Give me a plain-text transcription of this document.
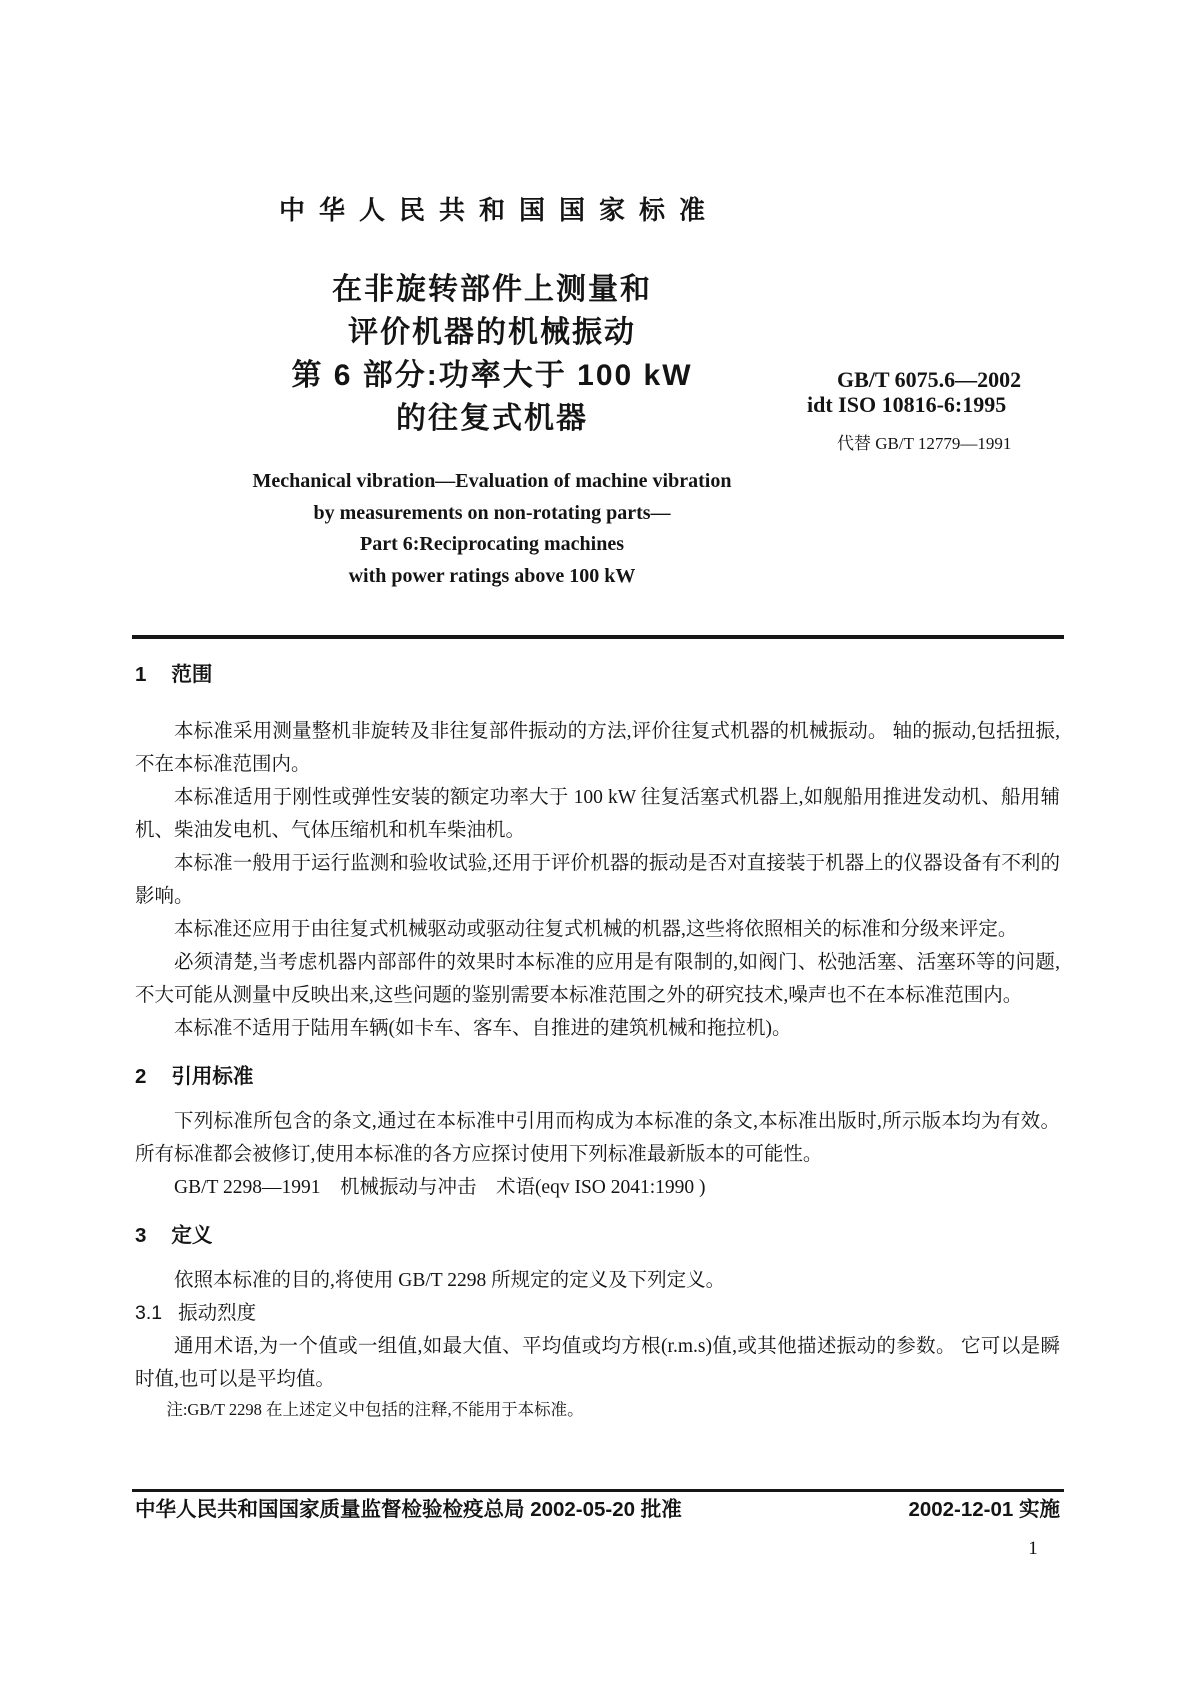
中华人民共和国国家标准
在非旋转部件上测量和
评价机器的机械振动
第 6 部分:功率大于 100 kW
的往复式机器
GB/T 6075.6—2002
idt ISO 10816-6:1995
代替 GB/T 12779—1991
Mechanical vibration—Evaluation of machine vibration
by measurements on non-rotating parts—
Part 6:Reciprocating machines
with power ratings above 100 kW
1 范围

本标准采用测量整机非旋转及非往复部件振动的方法,评价往复式机器的机械振动。 轴的振动,包括扭振,不在本标准范围内。

本标准适用于刚性或弹性安装的额定功率大于 100 kW 往复活塞式机器上,如舰船用推进发动机、船用辅机、柴油发电机、气体压缩机和机车柴油机。

本标准一般用于运行监测和验收试验,还用于评价机器的振动是否对直接装于机器上的仪器设备有不利的影响。

本标准还应用于由往复式机械驱动或驱动往复式机械的机器,这些将依照相关的标准和分级来评定。

必须清楚,当考虑机器内部部件的效果时本标准的应用是有限制的,如阀门、松弛活塞、活塞环等的问题,不大可能从测量中反映出来,这些问题的鉴别需要本标准范围之外的研究技术,噪声也不在本标准范围内。

本标准不适用于陆用车辆(如卡车、客车、自推进的建筑机械和拖拉机)。

2 引用标准

下列标准所包含的条文,通过在本标准中引用而构成为本标准的条文,本标准出版时,所示版本均为有效。 所有标准都会被修订,使用本标准的各方应探讨使用下列标准最新版本的可能性。

GB/T 2298—1991　机械振动与冲击　术语(eqv ISO 2041:1990 )

3 定义

依照本标准的目的,将使用 GB/T 2298 所规定的定义及下列定义。

3.1 振动烈度

通用术语,为一个值或一组值,如最大值、平均值或均方根(r.m.s)值,或其他描述振动的参数。 它可以是瞬时值,也可以是平均值。

注:GB/T 2298 在上述定义中包括的注释,不能用于本标准。

中华人民共和国国家质量监督检验检疫总局 2002-05-20 批准	2002-12-01 实施
1
